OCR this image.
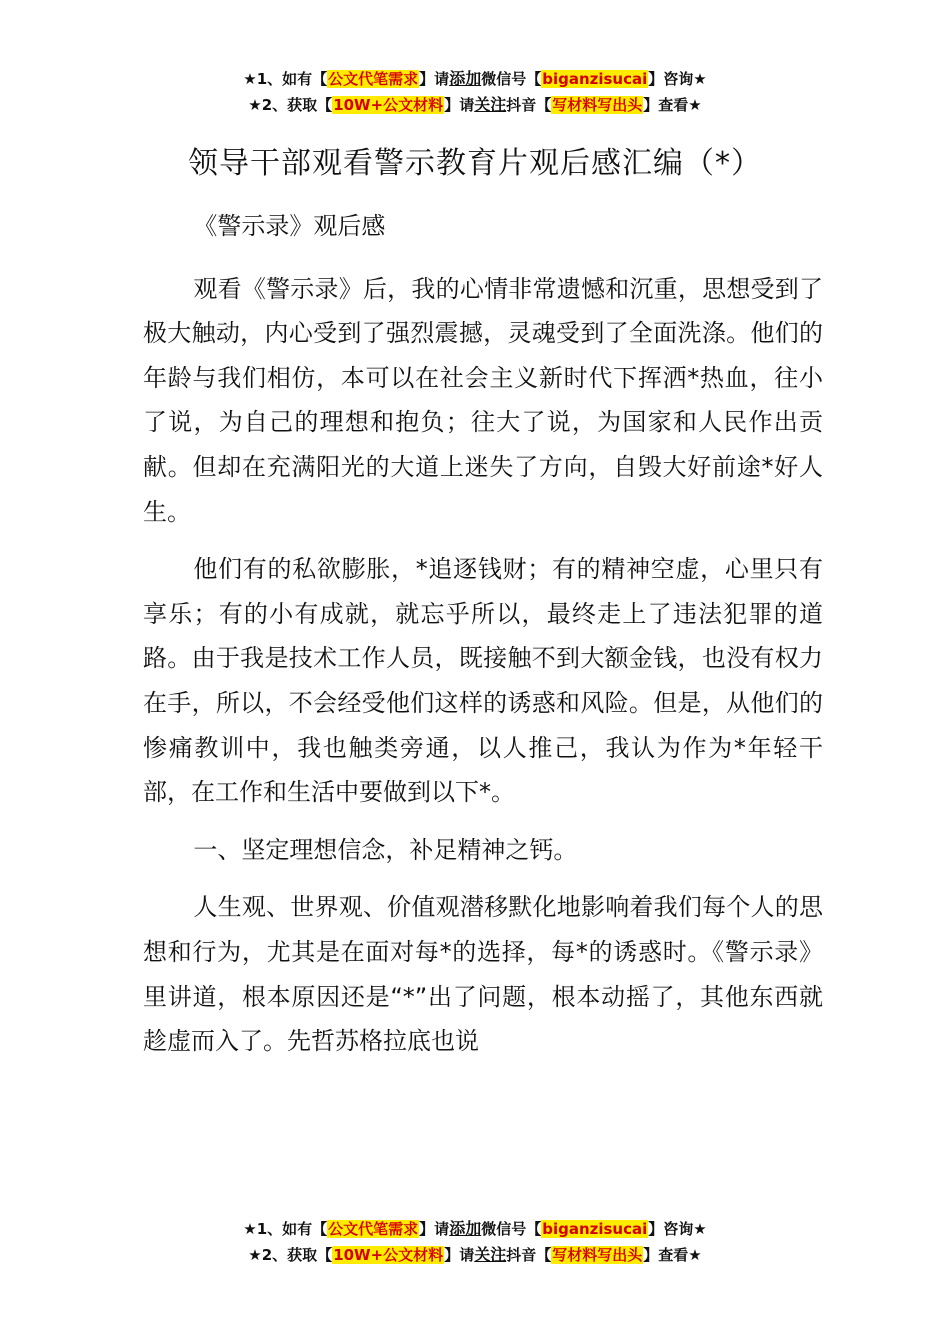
★1、如有【公文代笔需求】请添加微信号【biganzisucai】咨询★
★2、获取【10W+公文材料】请关注抖音【写材料写出头】查看★
领导干部观看警示教育片观后感汇编（*）

《警示录》观后感

观看《警示录》后，我的心情非常遗憾和沉重，思想受到了极大触动，内心受到了强烈震撼，灵魂受到了全面洗涤。他们的年龄与我们相仿，本可以在社会主义新时代下挥洒*热血，往小了说，为自己的理想和抱负；往大了说，为国家和人民作出贡献。但却在充满阳光的大道上迷失了方向，自毁大好前途*好人生。

他们有的私欲膨胀，*追逐钱财；有的精神空虚，心里只有享乐；有的小有成就，就忘乎所以，最终走上了违法犯罪的道路。由于我是技术工作人员，既接触不到大额金钱，也没有权力在手，所以，不会经受他们这样的诱惑和风险。但是，从他们的惨痛教训中，我也触类旁通，以人推己，我认为作为*年轻干部，在工作和生活中要做到以下*。

一、坚定理想信念，补足精神之钙。

人生观、世界观、价值观潜移默化地影响着我们每个人的思想和行为，尤其是在面对每*的选择，每*的诱惑时。《警示录》里讲道，根本原因还是“*”出了问题，根本动摇了，其他东西就趁虚而入了。先哲苏格拉底也说

★1、如有【公文代笔需求】请添加微信号【biganzisucai】咨询★
★2、获取【10W+公文材料】请关注抖音【写材料写出头】查看★
